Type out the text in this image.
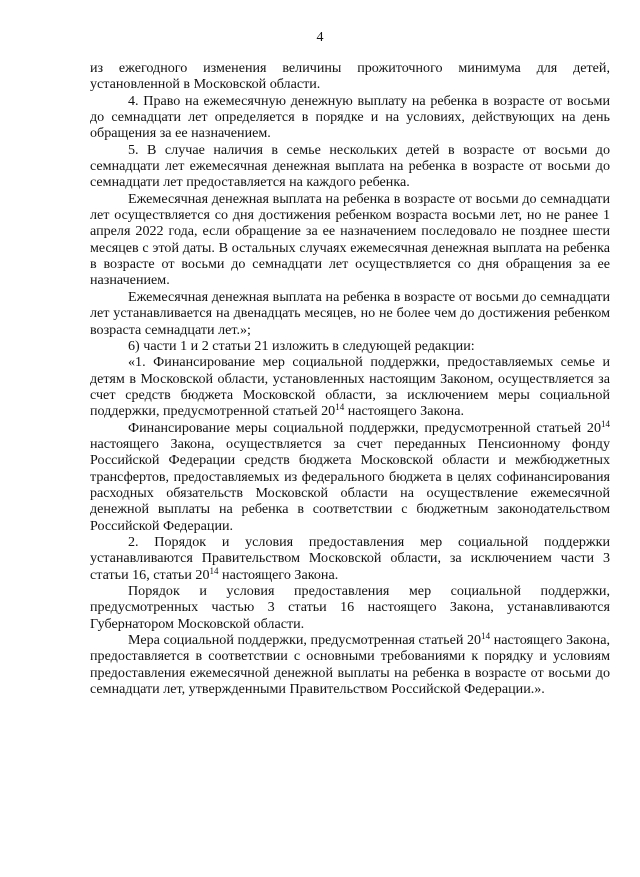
4

из ежегодного изменения величины прожиточного минимума для детей, установленной в Московской области.

4. Право на ежемесячную денежную выплату на ребенка в возрасте от восьми до семнадцати лет определяется в порядке и на условиях, действующих на день обращения за ее назначением.

5. В случае наличия в семье нескольких детей в возрасте от восьми до семнадцати лет ежемесячная денежная выплата на ребенка в возрасте от восьми до семнадцати лет предоставляется на каждого ребенка.

Ежемесячная денежная выплата на ребенка в возрасте от восьми до семнадцати лет осуществляется со дня достижения ребенком возраста восьми лет, но не ранее 1 апреля 2022 года, если обращение за ее назначением последовало не позднее шести месяцев с этой даты. В остальных случаях ежемесячная денежная выплата на ребенка в возрасте от восьми до семнадцати лет осуществляется со дня обращения за ее назначением.

Ежемесячная денежная выплата на ребенка в возрасте от восьми до семнадцати лет устанавливается на двенадцать месяцев, но не более чем до достижения ребенком возраста семнадцати лет.»;

6) части 1 и 2 статьи 21 изложить в следующей редакции:

«1. Финансирование мер социальной поддержки, предоставляемых семье и детям в Московской области, установленных настоящим Законом, осуществляется за счет средств бюджета Московской области, за исключением меры социальной поддержки, предусмотренной статьей $20^{14}$ настоящего Закона.

Финансирование меры социальной поддержки, предусмотренной статьей $20^{14}$ настоящего Закона, осуществляется за счет переданных Пенсионному фонду Российской Федерации средств бюджета Московской области и межбюджетных трансфертов, предоставляемых из федерального бюджета в целях софинансирования расходных обязательств Московской области на осуществление ежемесячной денежной выплаты на ребенка в соответствии с бюджетным законодательством Российской Федерации.

2. Порядок и условия предоставления мер социальной поддержки устанавливаются Правительством Московской области, за исключением части 3 статьи 16, статьи $20^{14}$ настоящего Закона.

Порядок и условия предоставления мер социальной поддержки, предусмотренных частью 3 статьи 16 настоящего Закона, устанавливаются Губернатором Московской области.

Мера социальной поддержки, предусмотренная статьей $20^{14}$ настоящего Закона, предоставляется в соответствии с основными требованиями к порядку и условиям предоставления ежемесячной денежной выплаты на ребенка в возрасте от восьми до семнадцати лет, утвержденными Правительством Российской Федерации.».
